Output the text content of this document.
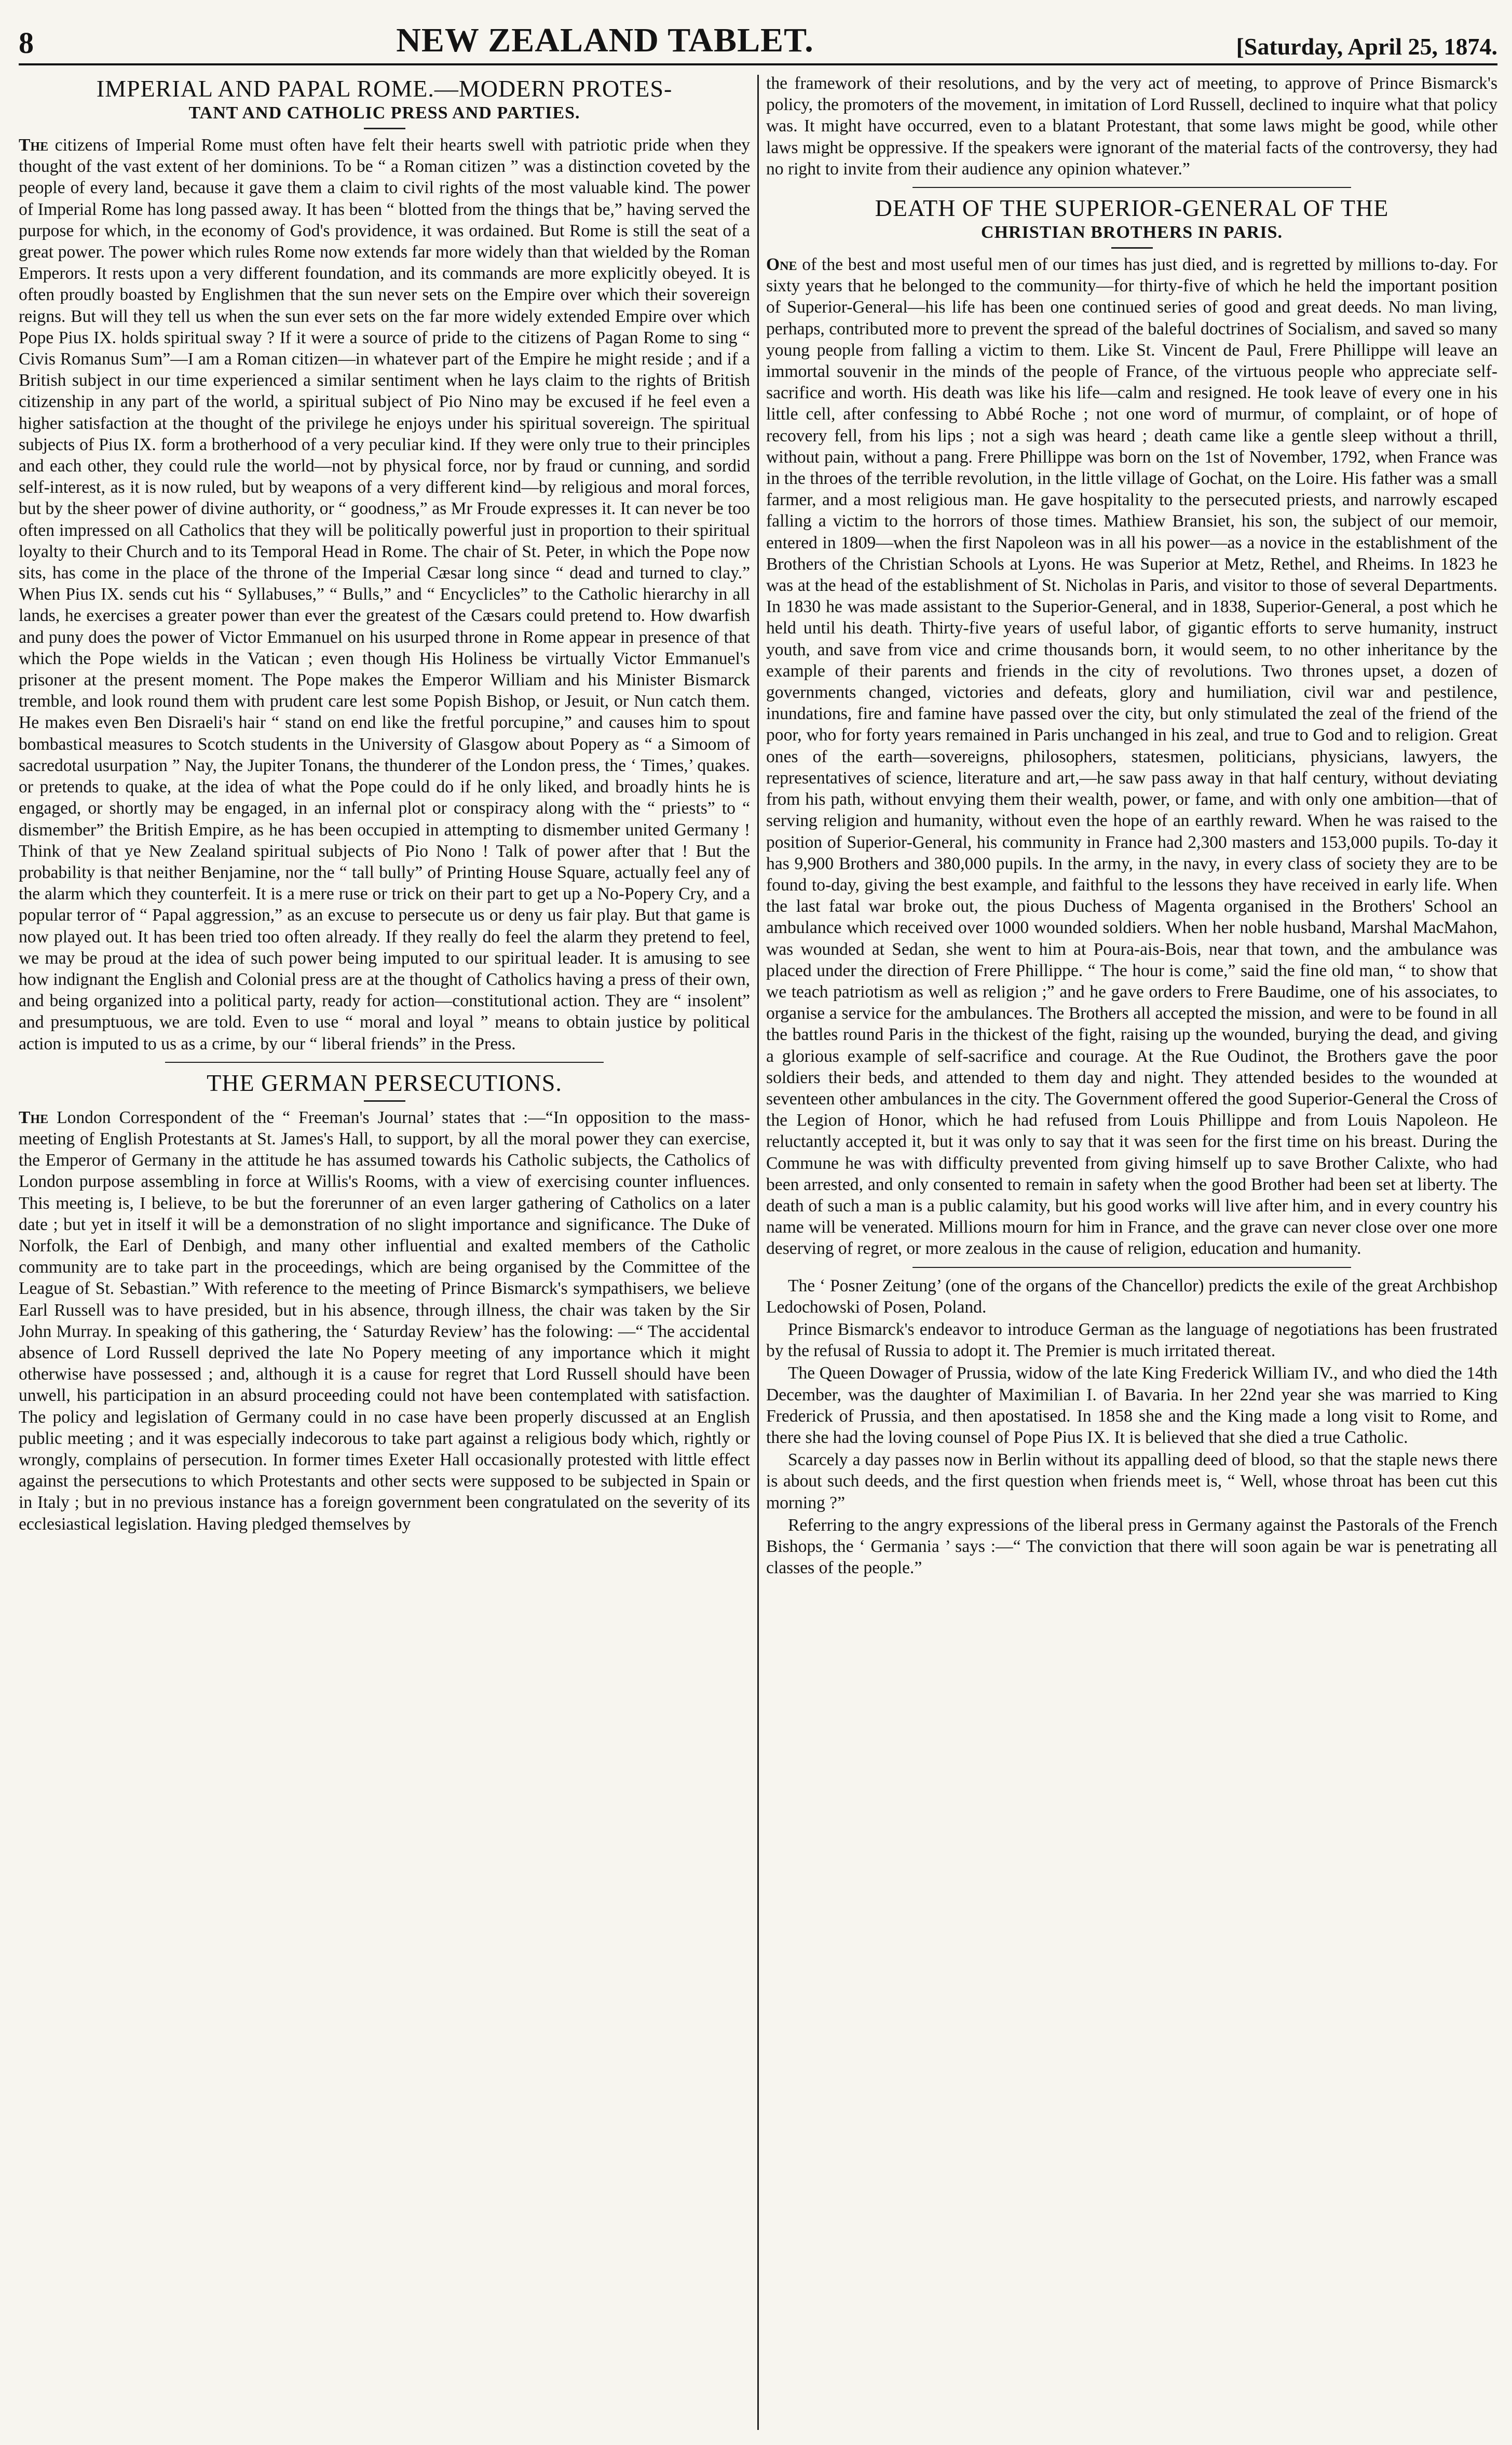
8	NEW ZEALAND TABLET.	[Saturday, April 25, 1874.
IMPERIAL AND PAPAL ROME.—MODERN PROTES-
TANT AND CATHOLIC PRESS AND PARTIES.

The citizens of Imperial Rome must often have felt their hearts swell with patriotic pride when they thought of the vast extent of her dominions. To be “ a Roman citizen ” was a distinction coveted by the people of every land, because it gave them a claim to civil rights of the most valuable kind. The power of Imperial Rome has long passed away. It has been “ blotted from the things that be,” having served the purpose for which, in the economy of God's providence, it was ordained. But Rome is still the seat of a great power. The power which rules Rome now extends far more widely than that wielded by the Roman Emperors. It rests upon a very different foundation, and its commands are more explicitly obeyed. It is often proudly boasted by Englishmen that the sun never sets on the Empire over which their sovereign reigns. But will they tell us when the sun ever sets on the far more widely extended Empire over which Pope Pius IX. holds spiritual sway ? If it were a source of pride to the citizens of Pagan Rome to sing “ Civis Romanus Sum”—I am a Roman citizen—in whatever part of the Empire he might reside ; and if a British subject in our time experienced a similar sentiment when he lays claim to the rights of British citizenship in any part of the world, a spiritual subject of Pio Nino may be excused if he feel even a higher satisfaction at the thought of the privilege he enjoys under his spiritual sovereign. The spiritual subjects of Pius IX. form a brotherhood of a very peculiar kind. If they were only true to their principles and each other, they could rule the world—not by physical force, nor by fraud or cunning, and sordid self-interest, as it is now ruled, but by weapons of a very different kind—by religious and moral forces, but by the sheer power of divine authority, or “ goodness,” as Mr Froude expresses it. It can never be too often impressed on all Catholics that they will be politically powerful just in proportion to their spiritual loyalty to their Church and to its Temporal Head in Rome. The chair of St. Peter, in which the Pope now sits, has come in the place of the throne of the Imperial Cæsar long since “ dead and turned to clay.” When Pius IX. sends cut his “ Syllabuses,” “ Bulls,” and “ Encyclicles” to the Catholic hierarchy in all lands, he exercises a greater power than ever the greatest of the Cæsars could pretend to. How dwarfish and puny does the power of Victor Emmanuel on his usurped throne in Rome appear in presence of that which the Pope wields in the Vatican ; even though His Holiness be virtually Victor Emmanuel's prisoner at the present moment. The Pope makes the Emperor William and his Minister Bismarck tremble, and look round them with prudent care lest some Popish Bishop, or Jesuit, or Nun catch them. He makes even Ben Disraeli's hair “ stand on end like the fretful porcupine,” and causes him to spout bombastical measures to Scotch students in the University of Glasgow about Popery as “ a Simoom of sacredotal usurpation ” Nay, the Jupiter Tonans, the thunderer of the London press, the ‘ Times,’ quakes. or pretends to quake, at the idea of what the Pope could do if he only liked, and broadly hints he is engaged, or shortly may be engaged, in an infernal plot or conspiracy along with the “ priests” to “ dismember” the British Empire, as he has been occupied in attempting to dismember united Germany ! Think of that ye New Zealand spiritual subjects of Pio Nono ! Talk of power after that ! But the probability is that neither Benjamine, nor the “ tall bully” of Printing House Square, actually feel any of the alarm which they counterfeit. It is a mere ruse or trick on their part to get up a No-Popery Cry, and a popular terror of “ Papal aggression,” as an excuse to persecute us or deny us fair play. But that game is now played out. It has been tried too often already. If they really do feel the alarm they pretend to feel, we may be proud at the idea of such power being imputed to our spiritual leader. It is amusing to see how indignant the English and Colonial press are at the thought of Catholics having a press of their own, and being organized into a political party, ready for action—constitutional action. They are “ insolent” and presumptuous, we are told. Even to use “ moral and loyal ” means to obtain justice by political action is imputed to us as a crime, by our “ liberal friends” in the Press.

THE GERMAN PERSECUTIONS.

The London Correspondent of the “ Freeman's Journal’ states that :—“In opposition to the mass-meeting of English Protestants at St. James's Hall, to support, by all the moral power they can exercise, the Emperor of Germany in the attitude he has assumed towards his Catholic subjects, the Catholics of London purpose assembling in force at Willis's Rooms, with a view of exercising counter influences. This meeting is, I believe, to be but the forerunner of an even larger gathering of Catholics on a later date ; but yet in itself it will be a demonstration of no slight importance and significance. The Duke of Norfolk, the Earl of Denbigh, and many other influential and exalted members of the Catholic community are to take part in the proceedings, which are being organised by the Committee of the League of St. Sebastian.” With reference to the meeting of Prince Bismarck's sympathisers, we believe Earl Russell was to have presided, but in his absence, through illness, the chair was taken by the Sir John Murray. In speaking of this gathering, the ‘ Saturday Review’ has the folowing: —“ The accidental absence of Lord Russell deprived the late No Popery meeting of any importance which it might otherwise have possessed ; and, although it is a cause for regret that Lord Russell should have been unwell, his participation in an absurd proceeding could not have been contemplated with satisfaction. The policy and legislation of Germany could in no case have been properly discussed at an English public meeting ; and it was especially indecorous to take part against a religious body which, rightly or wrongly, complains of persecution. In former times Exeter Hall occasionally protested with little effect against the persecutions to which Protestants and other sects were supposed to be subjected in Spain or in Italy ; but in no previous instance has a foreign government been congratulated on the severity of its ecclesiastical legislation. Having pledged themselves by

the framework of their resolutions, and by the very act of meeting, to approve of Prince Bismarck's policy, the promoters of the movement, in imitation of Lord Russell, declined to inquire what that policy was. It might have occurred, even to a blatant Protestant, that some laws might be good, while other laws might be oppressive. If the speakers were ignorant of the material facts of the controversy, they had no right to invite from their audience any opinion whatever.”

DEATH OF THE SUPERIOR-GENERAL OF THE
CHRISTIAN BROTHERS IN PARIS.

One of the best and most useful men of our times has just died, and is regretted by millions to-day. For sixty years that he belonged to the community—for thirty-five of which he held the important position of Superior-General—his life has been one continued series of good and great deeds. No man living, perhaps, contributed more to prevent the spread of the baleful doctrines of Socialism, and saved so many young people from falling a victim to them. Like St. Vincent de Paul, Frere Phillippe will leave an immortal souvenir in the minds of the people of France, of the virtuous people who appreciate self-sacrifice and worth. His death was like his life—calm and resigned. He took leave of every one in his little cell, after confessing to Abbé Roche ; not one word of murmur, of complaint, or of hope of recovery fell, from his lips ; not a sigh was heard ; death came like a gentle sleep without a thrill, without pain, without a pang. Frere Phillippe was born on the 1st of November, 1792, when France was in the throes of the terrible revolution, in the little village of Gochat, on the Loire. His father was a small farmer, and a most religious man. He gave hospitality to the persecuted priests, and narrowly escaped falling a victim to the horrors of those times. Mathiew Bransiet, his son, the subject of our memoir, entered in 1809—when the first Napoleon was in all his power—as a novice in the establishment of the Brothers of the Christian Schools at Lyons. He was Superior at Metz, Rethel, and Rheims. In 1823 he was at the head of the establishment of St. Nicholas in Paris, and visitor to those of several Departments. In 1830 he was made assistant to the Superior-General, and in 1838, Superior-General, a post which he held until his death. Thirty-five years of useful labor, of gigantic efforts to serve humanity, instruct youth, and save from vice and crime thousands born, it would seem, to no other inheritance by the example of their parents and friends in the city of revolutions. Two thrones upset, a dozen of governments changed, victories and defeats, glory and humiliation, civil war and pestilence, inundations, fire and famine have passed over the city, but only stimulated the zeal of the friend of the poor, who for forty years remained in Paris unchanged in his zeal, and true to God and to religion. Great ones of the earth—sovereigns, philosophers, statesmen, politicians, physicians, lawyers, the representatives of science, literature and art,—he saw pass away in that half century, without deviating from his path, without envying them their wealth, power, or fame, and with only one ambition—that of serving religion and humanity, without even the hope of an earthly reward. When he was raised to the position of Superior-General, his community in France had 2,300 masters and 153,000 pupils. To-day it has 9,900 Brothers and 380,000 pupils. In the army, in the navy, in every class of society they are to be found to-day, giving the best example, and faithful to the lessons they have received in early life. When the last fatal war broke out, the pious Duchess of Magenta organised in the Brothers' School an ambulance which received over 1000 wounded soldiers. When her noble husband, Marshal MacMahon, was wounded at Sedan, she went to him at Poura-ais-Bois, near that town, and the ambulance was placed under the direction of Frere Phillippe. “ The hour is come,” said the fine old man, “ to show that we teach patriotism as well as religion ;” and he gave orders to Frere Baudime, one of his associates, to organise a service for the ambulances. The Brothers all accepted the mission, and were to be found in all the battles round Paris in the thickest of the fight, raising up the wounded, burying the dead, and giving a glorious example of self-sacrifice and courage. At the Rue Oudinot, the Brothers gave the poor soldiers their beds, and attended to them day and night. They attended besides to the wounded at seventeen other ambulances in the city. The Government offered the good Superior-General the Cross of the Legion of Honor, which he had refused from Louis Phillippe and from Louis Napoleon. He reluctantly accepted it, but it was only to say that it was seen for the first time on his breast. During the Commune he was with difficulty prevented from giving himself up to save Brother Calixte, who had been arrested, and only consented to remain in safety when the good Brother had been set at liberty. The death of such a man is a public calamity, but his good works will live after him, and in every country his name will be venerated. Millions mourn for him in France, and the grave can never close over one more deserving of regret, or more zealous in the cause of religion, education and humanity.

The ‘ Posner Zeitung’ (one of the organs of the Chancellor) predicts the exile of the great Archbishop Ledochowski of Posen, Poland.

Prince Bismarck's endeavor to introduce German as the language of negotiations has been frustrated by the refusal of Russia to adopt it. The Premier is much irritated thereat.

The Queen Dowager of Prussia, widow of the late King Frederick William IV., and who died the 14th December, was the daughter of Maximilian I. of Bavaria. In her 22nd year she was married to King Frederick of Prussia, and then apostatised. In 1858 she and the King made a long visit to Rome, and there she had the loving counsel of Pope Pius IX. It is believed that she died a true Catholic.

Scarcely a day passes now in Berlin without its appalling deed of blood, so that the staple news there is about such deeds, and the first question when friends meet is, “ Well, whose throat has been cut this morning ?”

Referring to the angry expressions of the liberal press in Germany against the Pastorals of the French Bishops, the ‘ Germania ’ says :—“ The conviction that there will soon again be war is penetrating all classes of the people.”
